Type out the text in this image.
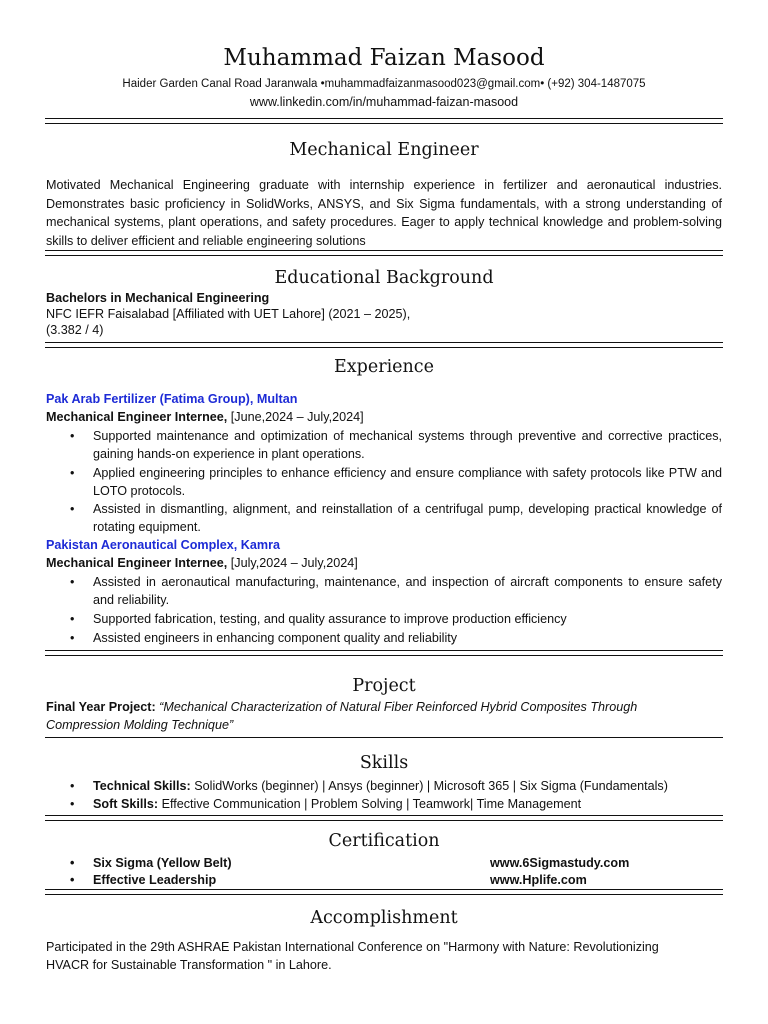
Muhammad Faizan Masood
Haider Garden Canal Road Jaranwala •muhammadfaizanmasood023@gmail.com• (+92) 304-1487075
www.linkedin.com/in/muhammad-faizan-masood
Mechanical Engineer
Motivated Mechanical Engineering graduate with internship experience in fertilizer and aeronautical industries. Demonstrates basic proficiency in SolidWorks, ANSYS, and Six Sigma fundamentals, with a strong understanding of mechanical systems, plant operations, and safety procedures. Eager to apply technical knowledge and problem-solving skills to deliver efficient and reliable engineering solutions
Educational Background
Bachelors in Mechanical Engineering
NFC IEFR Faisalabad [Affiliated with UET Lahore] (2021 – 2025),
(3.382 / 4)
Experience
Pak Arab Fertilizer (Fatima Group), Multan
Mechanical Engineer Internee, [June,2024 – July,2024]
•	Supported maintenance and optimization of mechanical systems through preventive and corrective practices, gaining hands-on experience in plant operations.
•	Applied engineering principles to enhance efficiency and ensure compliance with safety protocols like PTW and LOTO protocols.
•	Assisted in dismantling, alignment, and reinstallation of a centrifugal pump, developing practical knowledge of rotating equipment.
Pakistan Aeronautical Complex, Kamra
Mechanical Engineer Internee, [July,2024 – July,2024]
•	Assisted in aeronautical manufacturing, maintenance, and inspection of aircraft components to ensure safety and reliability.
•	Supported fabrication, testing, and quality assurance to improve production efficiency
•	Assisted engineers in enhancing component quality and reliability
Project
Final Year Project: “Mechanical Characterization of Natural Fiber Reinforced Hybrid Composites Through
Compression Molding Technique”
Skills
•	Technical Skills: SolidWorks (beginner) | Ansys (beginner) | Microsoft 365 | Six Sigma (Fundamentals)
•	Soft Skills: Effective Communication | Problem Solving | Teamwork| Time Management
Certification
• Six Sigma (Yellow Belt)	www.6Sigmastudy.com
• Effective Leadership	www.Hplife.com
Accomplishment
Participated in the 29th ASHRAE Pakistan International Conference on "Harmony with Nature: Revolutionizing
HVACR for Sustainable Transformation " in Lahore.
